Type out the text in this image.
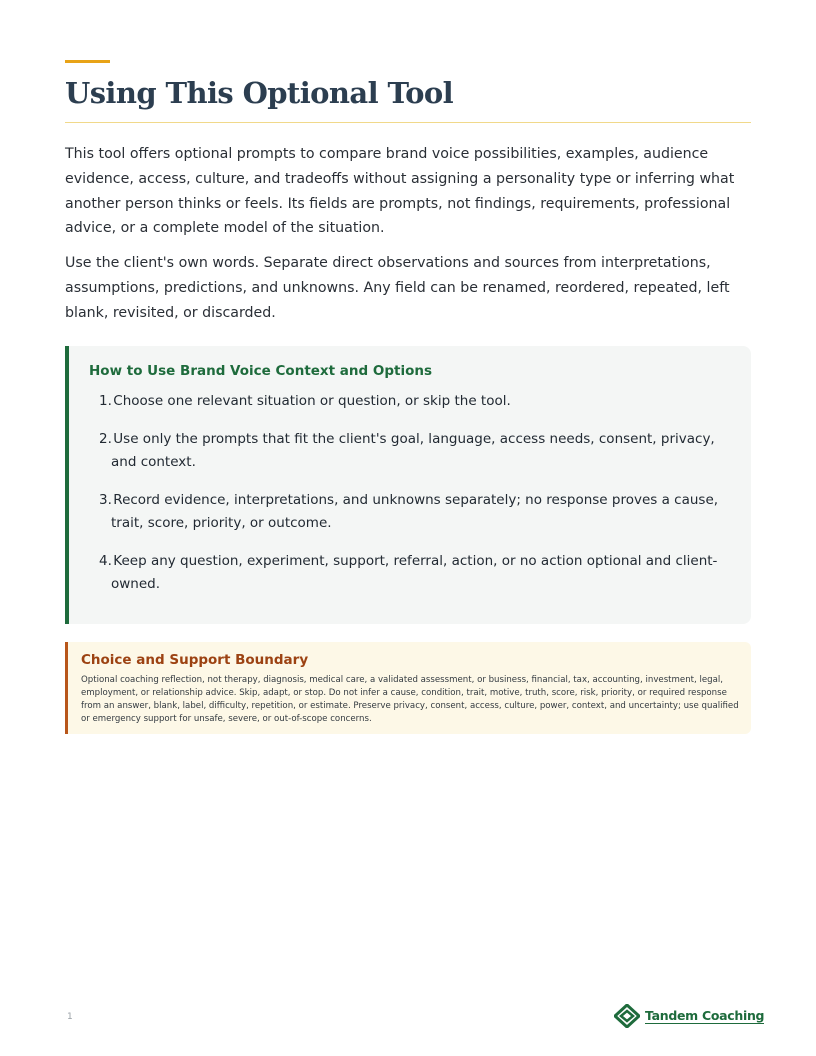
Using This Optional Tool

This tool offers optional prompts to compare brand voice possibilities, examples, audience evidence, access, culture, and tradeoffs without assigning a personality type or inferring what another person thinks or feels. Its fields are prompts, not findings, requirements, professional advice, or a complete model of the situation.

Use the client's own words. Separate direct observations and sources from interpretations, assumptions, predictions, and unknowns. Any field can be renamed, reordered, repeated, left blank, revisited, or discarded.

How to Use Brand Voice Context and Options
1. Choose one relevant situation or question, or skip the tool.
2. Use only the prompts that fit the client's goal, language, access needs, consent, privacy, and context.
3. Record evidence, interpretations, and unknowns separately; no response proves a cause, trait, score, priority, or outcome.
4. Keep any question, experiment, support, referral, action, or no action optional and client-owned.
Choice and Support Boundary
Optional coaching reflection, not therapy, diagnosis, medical care, a validated assessment, or business, financial, tax, accounting, investment, legal, employment, or relationship advice. Skip, adapt, or stop. Do not infer a cause, condition, trait, motive, truth, score, risk, priority, or required response from an answer, blank, label, difficulty, repetition, or estimate. Preserve privacy, consent, access, culture, power, context, and uncertainty; use qualified or emergency support for unsafe, severe, or out-of-scope concerns.
1	Tandem Coaching
